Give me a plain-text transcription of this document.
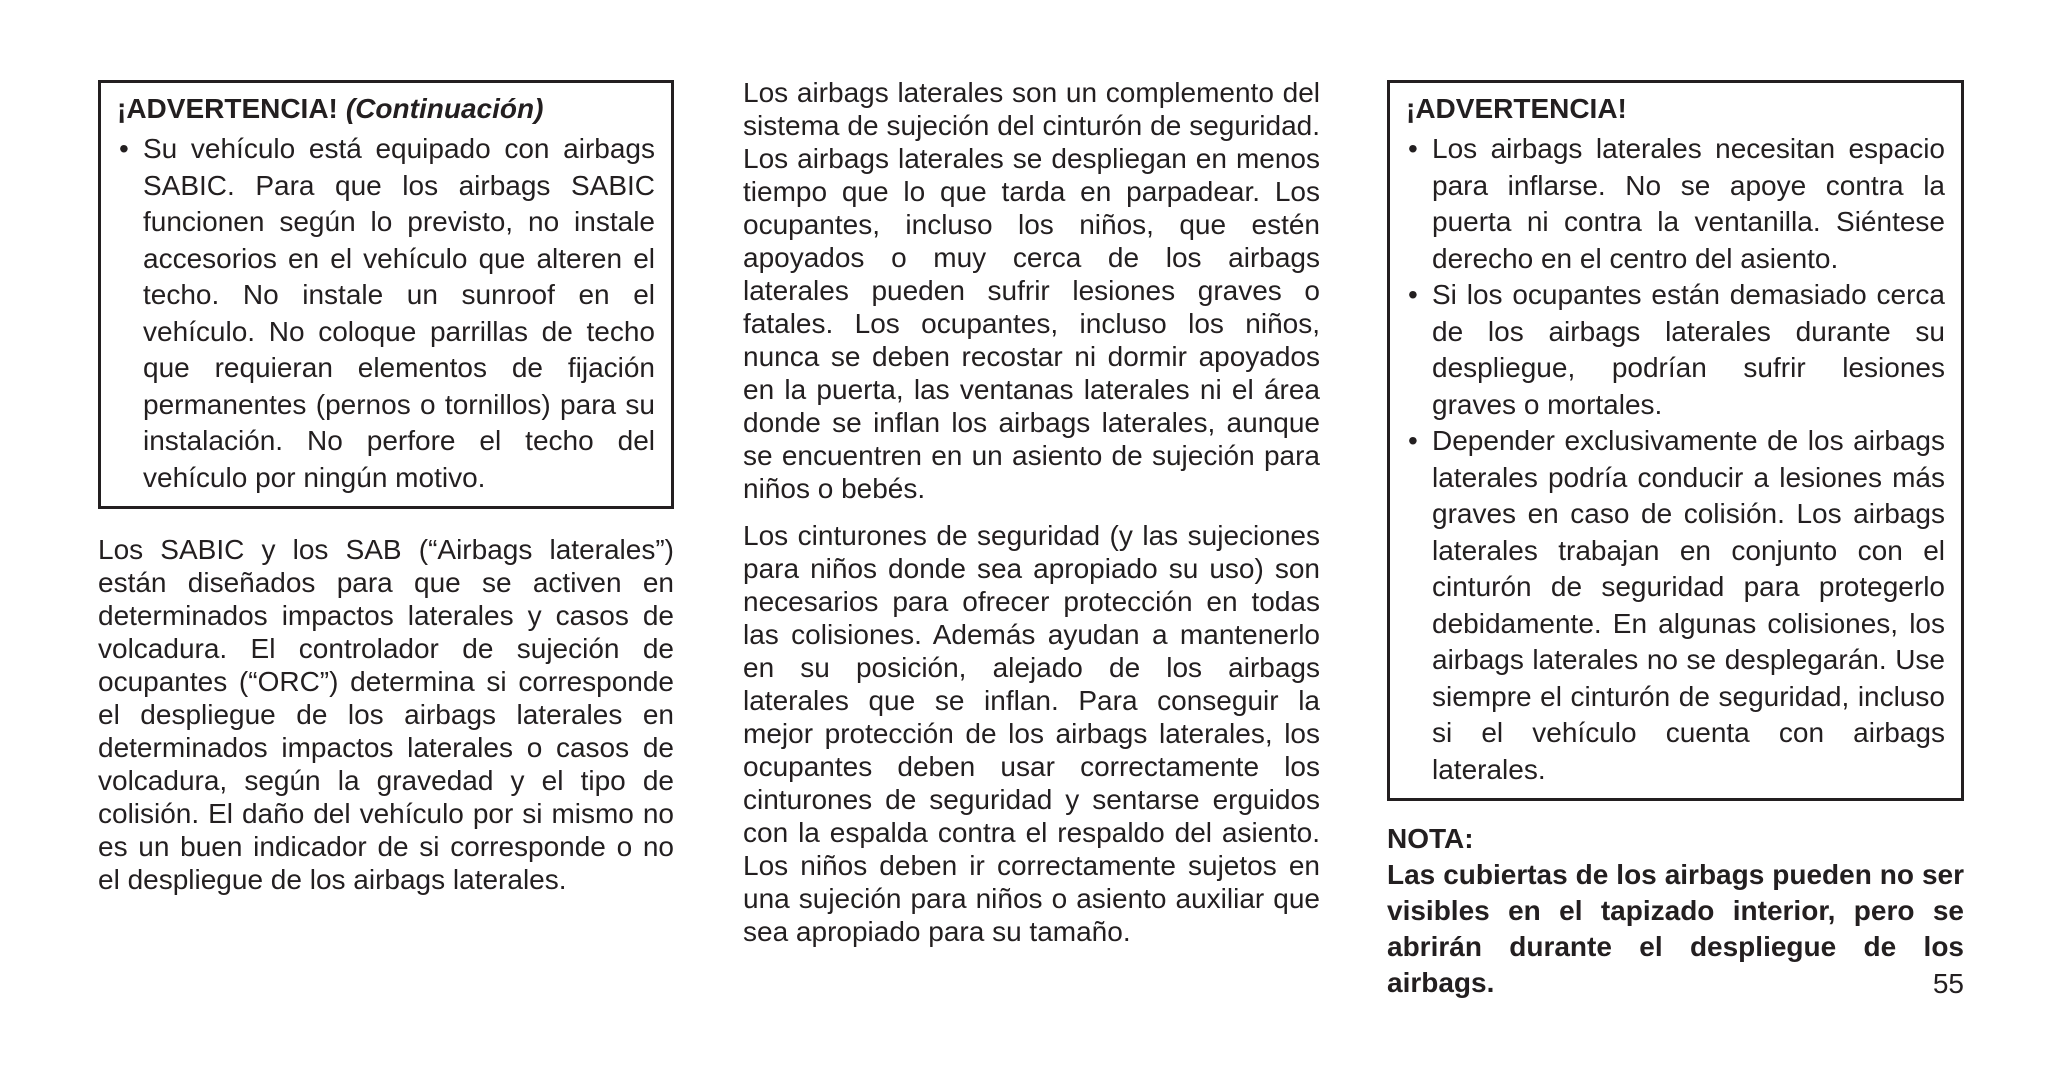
¡ADVERTENCIA! (Continuación)
Su vehículo está equipado con airbags SABIC. Para que los airbags SABIC funcionen según lo previsto, no instale accesorios en el vehículo que alteren el techo. No instale un sunroof en el vehículo. No coloque parrillas de techo que requieran elementos de fijación permanentes (pernos o tornillos) para su instalación. No perfore el techo del vehículo por ningún motivo.

Los SABIC y los SAB (“Airbags laterales”) están diseñados para que se activen en determinados impactos laterales y casos de volcadura. El controlador de sujeción de ocupantes (“ORC”) determina si corresponde el despliegue de los airbags laterales en determinados impactos laterales o casos de volcadura, según la gravedad y el tipo de colisión. El daño del vehículo por si mismo no es un buen indicador de si corresponde o no el despliegue de los airbags laterales.

Los airbags laterales son un complemento del sistema de sujeción del cinturón de seguridad. Los airbags laterales se despliegan en menos tiempo que lo que tarda en parpadear. Los ocupantes, incluso los niños, que estén apoyados o muy cerca de los airbags laterales pueden sufrir lesiones graves o fatales. Los ocupantes, incluso los niños, nunca se deben recostar ni dormir apoyados en la puerta, las ventanas laterales ni el área donde se inflan los airbags laterales, aunque se encuentren en un asiento de sujeción para niños o bebés.

Los cinturones de seguridad (y las sujeciones para niños donde sea apropiado su uso) son necesarios para ofrecer protección en todas las colisiones. Además ayudan a mantenerlo en su posición, alejado de los airbags laterales que se inflan. Para conseguir la mejor protección de los airbags laterales, los ocupantes deben usar correctamente los cinturones de seguridad y sentarse erguidos con la espalda contra el respaldo del asiento. Los niños deben ir correctamente sujetos en una sujeción para niños o asiento auxiliar que sea apropiado para su tamaño.

¡ADVERTENCIA!
Los airbags laterales necesitan espacio para inflarse. No se apoye contra la puerta ni contra la ventanilla. Siéntese derecho en el centro del asiento.
Si los ocupantes están demasiado cerca de los airbags laterales durante su despliegue, podrían sufrir lesiones graves o mortales.
Depender exclusivamente de los airbags laterales podría conducir a lesiones más graves en caso de colisión. Los airbags laterales trabajan en conjunto con el cinturón de seguridad para protegerlo debidamente. En algunas colisiones, los airbags laterales no se desplegarán. Use siempre el cinturón de seguridad, incluso si el vehículo cuenta con airbags laterales.
NOTA:

Las cubiertas de los airbags pueden no ser visibles en el tapizado interior, pero se abrirán durante el despliegue de los airbags.	55
